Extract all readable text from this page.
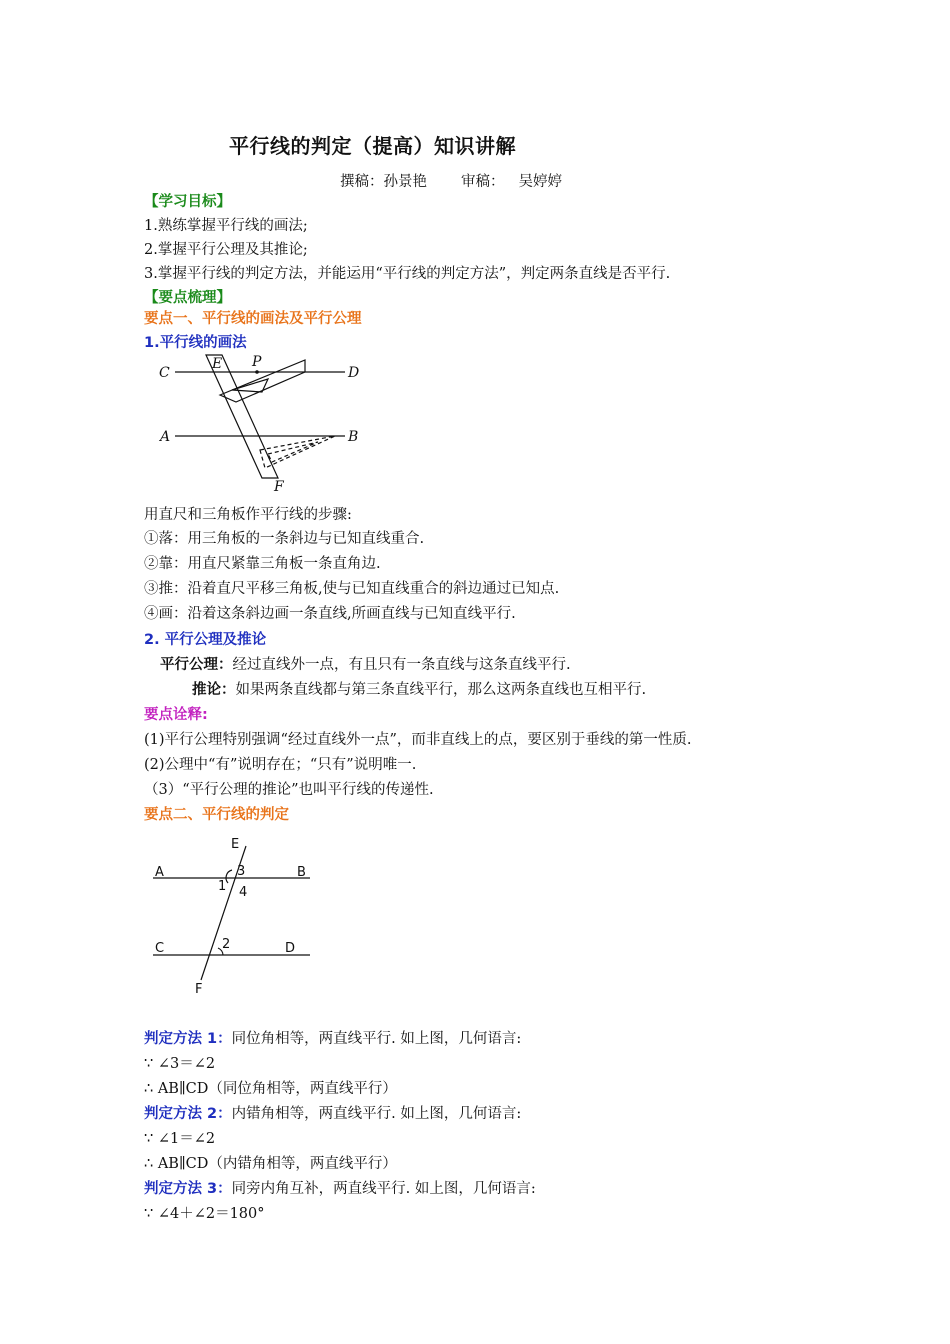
平行线的判定（提高）知识讲解
撰稿：孙景艳 审稿： 吴婷婷
【学习目标】
1.熟练掌握平行线的画法;
2.掌握平行公理及其推论;
3.掌握平行线的判定方法，并能运用“平行线的判定方法”，判定两条直线是否平行.
【要点梳理】
要点一、平行线的画法及平行公理
1.平行线的画法
C
E P
D
A	B
F
用直尺和三角板作平行线的步骤:
①落：用三角板的一条斜边与已知直线重合.
②靠：用直尺紧靠三角板一条直角边.
③推：沿着直尺平移三角板,使与已知直线重合的斜边通过已知点.
④画：沿着这条斜边画一条直线,所画直线与已知直线平行.
2. 平行公理及推论
平行公理：经过直线外一点，有且只有一条直线与这条直线平行.
推论：如果两条直线都与第三条直线平行，那么这两条直线也互相平行.
要点诠释:
(1)平行公理特别强调“经过直线外一点”，而非直线上的点，要区别于垂线的第一性质.
(2)公理中“有”说明存在；“只有”说明唯一.
（3）“平行公理的推论”也叫平行线的传递性.
要点二、平行线的判定
E
3
A	B
1 4
C	2	D
F
判定方法 1：同位角相等，两直线平行. 如上图，几何语言:
∵ ∠3＝∠2
∴ AB∥CD（同位角相等，两直线平行）
判定方法 2：内错角相等，两直线平行. 如上图，几何语言:
∵ ∠1＝∠2
∴ AB∥CD（内错角相等，两直线平行）
判定方法 3：同旁内角互补，两直线平行. 如上图，几何语言:
∵ ∠4＋∠2＝180°
